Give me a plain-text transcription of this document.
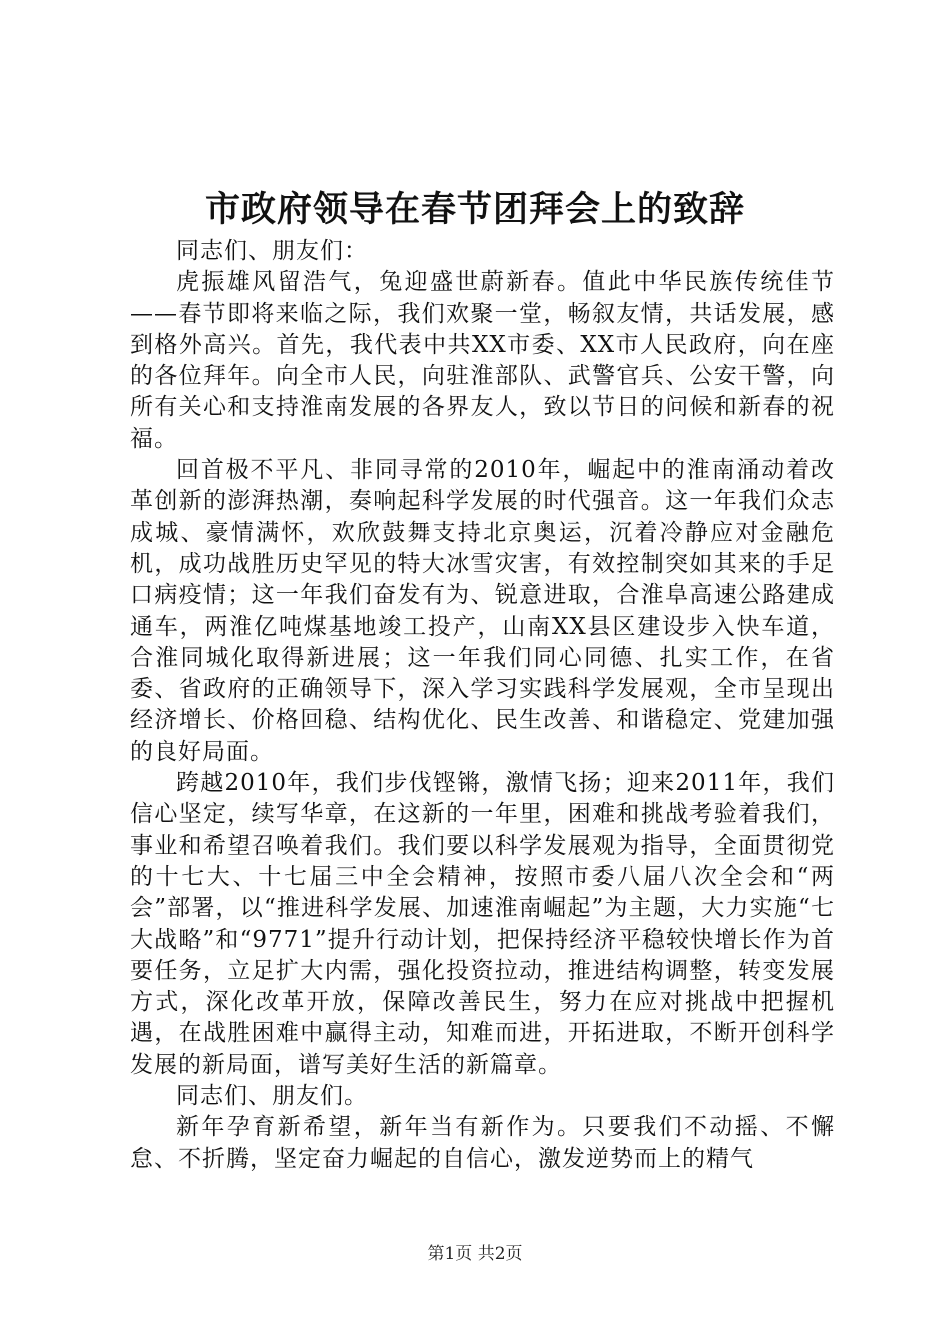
市政府领导在春节团拜会上的致辞

同志们、朋友们：

虎振雄风留浩气，兔迎盛世蔚新春。值此中华民族传统佳节——春节即将来临之际，我们欢聚一堂，畅叙友情，共话发展，感到格外高兴。首先，我代表中共XX市委、XX市人民政府，向在座的各位拜年。向全市人民，向驻淮部队、武警官兵、公安干警，向所有关心和支持淮南发展的各界友人，致以节日的问候和新春的祝福。

回首极不平凡、非同寻常的2010年，崛起中的淮南涌动着改革创新的澎湃热潮，奏响起科学发展的时代强音。这一年我们众志成城、豪情满怀，欢欣鼓舞支持北京奥运，沉着冷静应对金融危机，成功战胜历史罕见的特大冰雪灾害，有效控制突如其来的手足口病疫情；这一年我们奋发有为、锐意进取，合淮阜高速公路建成通车，两淮亿吨煤基地竣工投产，山南XX县区建设步入快车道，合淮同城化取得新进展；这一年我们同心同德、扎实工作，在省委、省政府的正确领导下，深入学习实践科学发展观，全市呈现出经济增长、价格回稳、结构优化、民生改善、和谐稳定、党建加强的良好局面。

跨越2010年，我们步伐铿锵，激情飞扬；迎来2011年，我们信心坚定，续写华章，在这新的一年里，困难和挑战考验着我们，事业和希望召唤着我们。我们要以科学发展观为指导，全面贯彻党的十七大、十七届三中全会精神，按照市委八届八次全会和“两会”部署，以“推进科学发展、加速淮南崛起”为主题，大力实施“七大战略”和“9771”提升行动计划，把保持经济平稳较快增长作为首要任务，立足扩大内需，强化投资拉动，推进结构调整，转变发展方式，深化改革开放，保障改善民生，努力在应对挑战中把握机遇，在战胜困难中赢得主动，知难而进，开拓进取，不断开创科学发展的新局面，谱写美好生活的新篇章。

同志们、朋友们。

新年孕育新希望，新年当有新作为。只要我们不动摇、不懈怠、不折腾，坚定奋力崛起的自信心，激发逆势而上的精气

第1页 共2页
